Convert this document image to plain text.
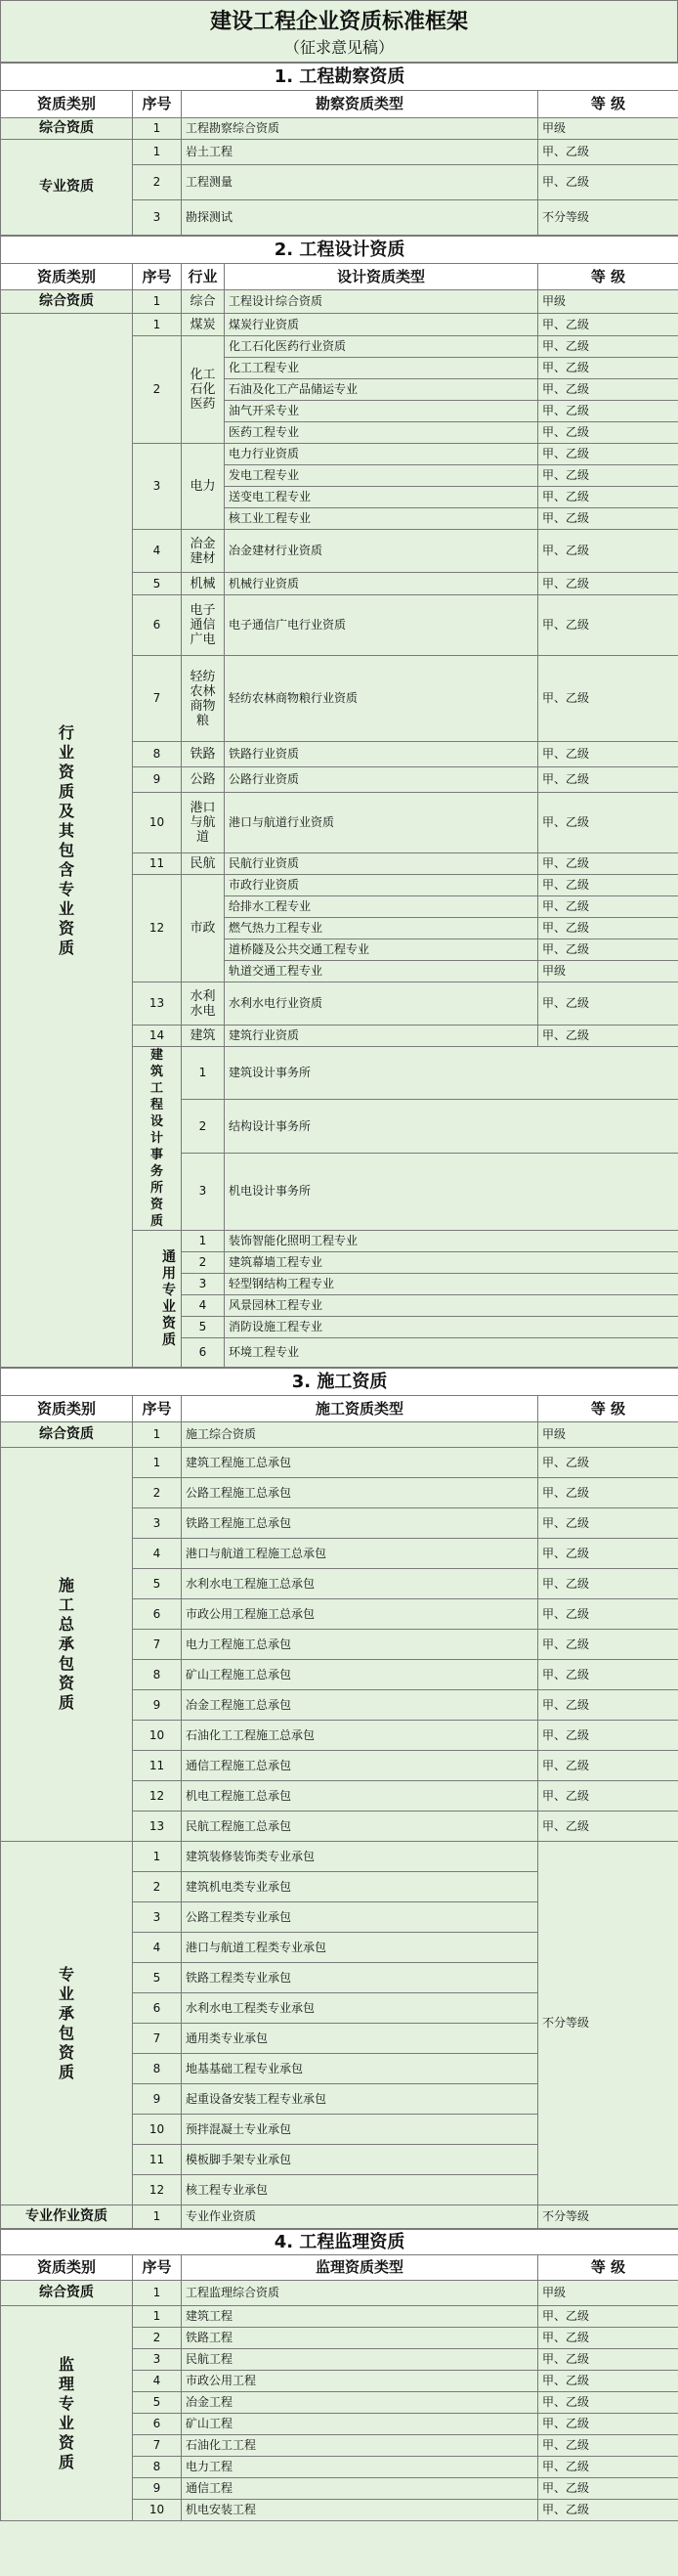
建设工程企业资质标准框架
（征求意见稿）
1. 工程勘察资质			
资质类别	序号	勘察资质类型	等 级
综合资质	1	工程勘察综合资质	甲级
专业资质	1	岩土工程	甲、乙级
	2	工程测量	甲、乙级
	3	勘探测试	不分等级
2. 工程设计资质					
资质类别	序号	行业	设计资质类型	等 级	
综合资质	1	综合	工程设计综合资质	甲级	
行业资质及其包含专业资质	1	煤炭	煤炭行业资质	甲、乙级	
	2	化工石化医药	化工石化医药行业资质	甲、乙级	
			化工工程专业	甲、乙级	
			石油及化工产品储运专业	甲、乙级	
			油气开采专业	甲、乙级	
			医药工程专业	甲、乙级	
	3	电力	电力行业资质	甲、乙级	
			发电工程专业	甲、乙级	
			送变电工程专业	甲、乙级	
			核工业工程专业	甲、乙级	
	4	冶金建材	冶金建材行业资质	甲、乙级	
	5	机械	机械行业资质	甲、乙级	
	6	电子通信广电	电子通信广电行业资质	甲、乙级	
	7	轻纺农林商物粮	轻纺农林商物粮行业资质	甲、乙级	
	8	铁路	铁路行业资质	甲、乙级	
	9	公路	公路行业资质	甲、乙级	
	10	港口与航道	港口与航道行业资质	甲、乙级	
	11	民航	民航行业资质	甲、乙级	
	12	市政	市政行业资质	甲、乙级	
			给排水工程专业	甲、乙级	
			燃气热力工程专业	甲、乙级	
			道桥隧及公共交通工程专业	甲、乙级	
			轨道交通工程专业	甲级	
	13	水利水电	水利水电行业资质	甲、乙级	
	14	建筑	建筑行业资质	甲、乙级	
	建筑工程设计事务所资质	1	建筑设计事务所	
		2	结构设计事务所	
		3	机电设计事务所	
	通用专业资质	1	装饰智能化照明工程专业	
		2	建筑幕墙工程专业	
		3	轻型钢结构工程专业	
		4	风景园林工程专业	
		5	消防设施工程专业	
		6	环境工程专业	
3. 施工资质			
资质类别	序号	施工资质类型	等 级
综合资质	1	施工综合资质	甲级
施工总承包资质	1	建筑工程施工总承包	甲、乙级
	2	公路工程施工总承包	甲、乙级
	3	铁路工程施工总承包	甲、乙级
	4	港口与航道工程施工总承包	甲、乙级
	5	水利水电工程施工总承包	甲、乙级
	6	市政公用工程施工总承包	甲、乙级
	7	电力工程施工总承包	甲、乙级
	8	矿山工程施工总承包	甲、乙级
	9	冶金工程施工总承包	甲、乙级
	10	石油化工工程施工总承包	甲、乙级
	11	通信工程施工总承包	甲、乙级
	12	机电工程施工总承包	甲、乙级
	13	民航工程施工总承包	甲、乙级
专业承包资质	1	建筑装修装饰类专业承包	不分等级
	2	建筑机电类专业承包	
	3	公路工程类专业承包	
	4	港口与航道工程类专业承包	
	5	铁路工程类专业承包	
	6	水利水电工程类专业承包	
	7	通用类专业承包	
	8	地基基础工程专业承包	
	9	起重设备安装工程专业承包	
	10	预拌混凝土专业承包	
	11	模板脚手架专业承包	
	12	核工程专业承包	
专业作业资质	1	专业作业资质	不分等级
4. 工程监理资质			
资质类别	序号	监理资质类型	等 级
综合资质	1	工程监理综合资质	甲级
监理专业资质	1	建筑工程	甲、乙级
	2	铁路工程	甲、乙级
	3	民航工程	甲、乙级
	4	市政公用工程	甲、乙级
	5	冶金工程	甲、乙级
	6	矿山工程	甲、乙级
	7	石油化工工程	甲、乙级
	8	电力工程	甲、乙级
	9	通信工程	甲、乙级
	10	机电安装工程	甲、乙级
